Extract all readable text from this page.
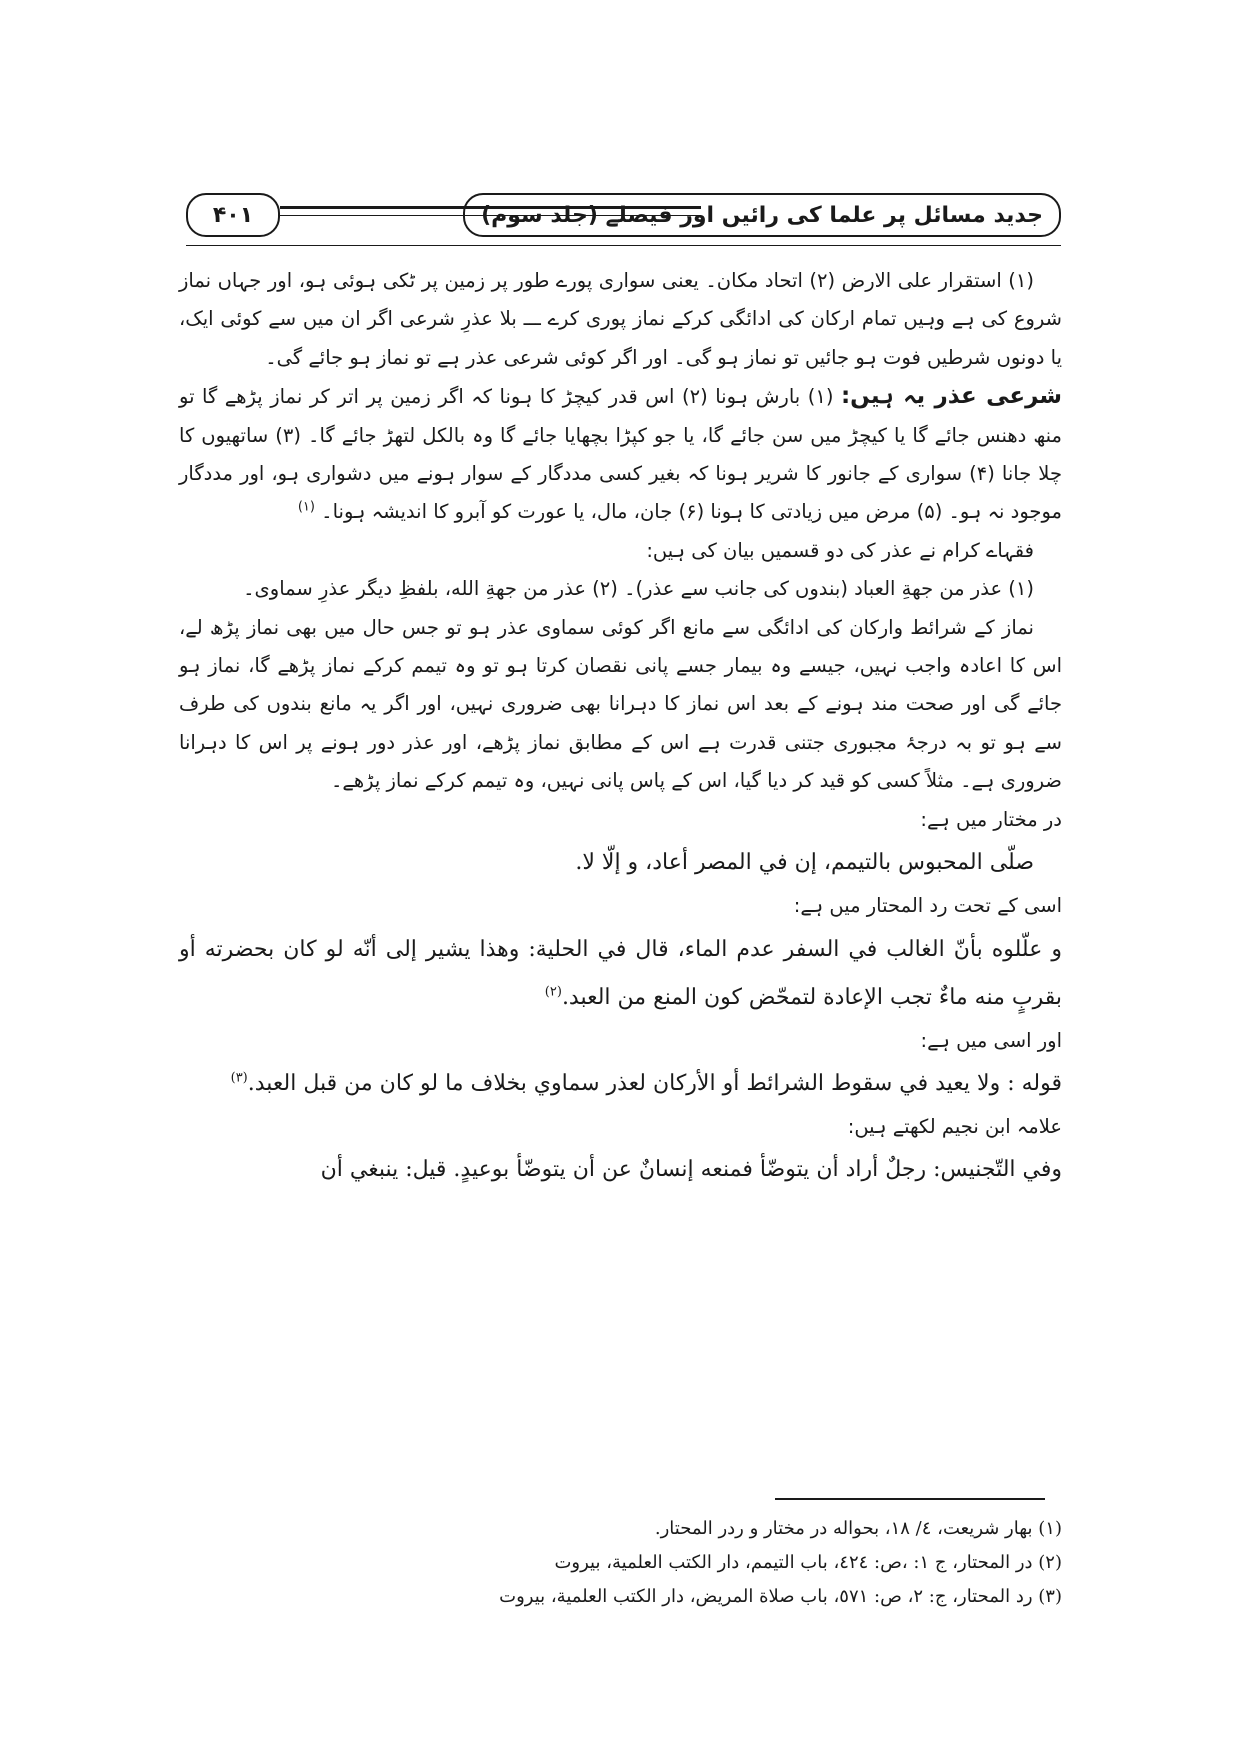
جدید مسائل پر علما کی رائیں اور فیصلے (جلد سوم)
۴۰۱

(۱) استقرار علی الارض (۲) اتحاد مکان۔ یعنی سواری پورے طور پر زمین پر ٹکی ہوئی ہو، اور جہاں نماز شروع کی ہے وہیں تمام ارکان کی ادائگی کرکے نماز پوری کرے ـــ بلا عذرِ شرعی اگر ان میں سے کوئی ایک، یا دونوں شرطیں فوت ہو جائیں تو نماز ہو گی۔ اور اگر کوئی شرعی عذر ہے تو نماز ہو جائے گی۔

شرعی عذر یہ ہیں: (۱) بارش ہونا (۲) اس قدر کیچڑ کا ہونا کہ اگر زمین پر اتر کر نماز پڑھے گا تو منھ دھنس جائے گا یا کیچڑ میں سن جائے گا، یا جو کپڑا بچھایا جائے گا وہ بالکل لتھڑ جائے گا۔ (۳) ساتھیوں کا چلا جانا (۴) سواری کے جانور کا شریر ہونا کہ بغیر کسی مددگار کے سوار ہونے میں دشواری ہو، اور مددگار موجود نہ ہو۔ (۵) مرض میں زیادتی کا ہونا (۶) جان، مال، یا عورت کو آبرو کا اندیشہ ہونا۔ $^{(۱)}$

فقہاے کرام نے عذر کی دو قسمیں بیان کی ہیں:

(۱) عذر من جهةِ العباد (بندوں کی جانب سے عذر)۔ (۲) عذر من جهةِ الله، بلفظِ دیگر عذرِ سماوی۔

نماز کے شرائط وارکان کی ادائگی سے مانع اگر کوئی سماوی عذر ہو تو جس حال میں بھی نماز پڑھ لے، اس کا اعادہ واجب نہیں، جیسے وہ بیمار جسے پانی نقصان کرتا ہو تو وہ تیمم کرکے نماز پڑھے گا، نماز ہو جائے گی اور صحت مند ہونے کے بعد اس نماز کا دہرانا بھی ضروری نہیں، اور اگر یہ مانع بندوں کی طرف سے ہو تو بہ درجۂ مجبوری جتنی قدرت ہے اس کے مطابق نماز پڑھے، اور عذر دور ہونے پر اس کا دہرانا ضروری ہے۔ مثلاً کسی کو قید کر دیا گیا، اس کے پاس پانی نہیں، وہ تیمم کرکے نماز پڑھے۔

در مختار میں ہے:

صلّى المحبوس بالتيمم، إن في المصر أعاد، و إلّا لا.

اسی کے تحت رد المحتار میں ہے:

و علّلوه بأنّ الغالب في السفر عدم الماء، قال في الحلية: وهذا يشير إلى أنّه لو كان بحضرته أو بقربٍ منه ماءٌ تجب الإعادة لتمحّض كون المنع من العبد.$^{(۲)}$

اور اسی میں ہے:

قوله : ولا يعيد في سقوط الشرائط أو الأركان لعذر سماوي بخلاف ما لو كان من قبل العبد.$^{(۳)}$

علامہ ابن نجیم لکھتے ہیں:

وفي التّجنيس: رجلٌ أراد أن يتوضّأ فمنعه إنسانٌ عن أن يتوضّأ بوعيدٍ. قيل: ينبغي أن

(۱) بهار شريعت، ٤/ ١٨، بحواله در مختار و ردر المحتار.

(۲) در المحتار، ج ١: ،ص: ٤٢٤، باب التيمم، دار الكتب العلمية، بيروت

(۳) رد المحتار، ج: ٢، ص: ٥٧١، باب صلاة المريض، دار الكتب العلمية، بيروت
